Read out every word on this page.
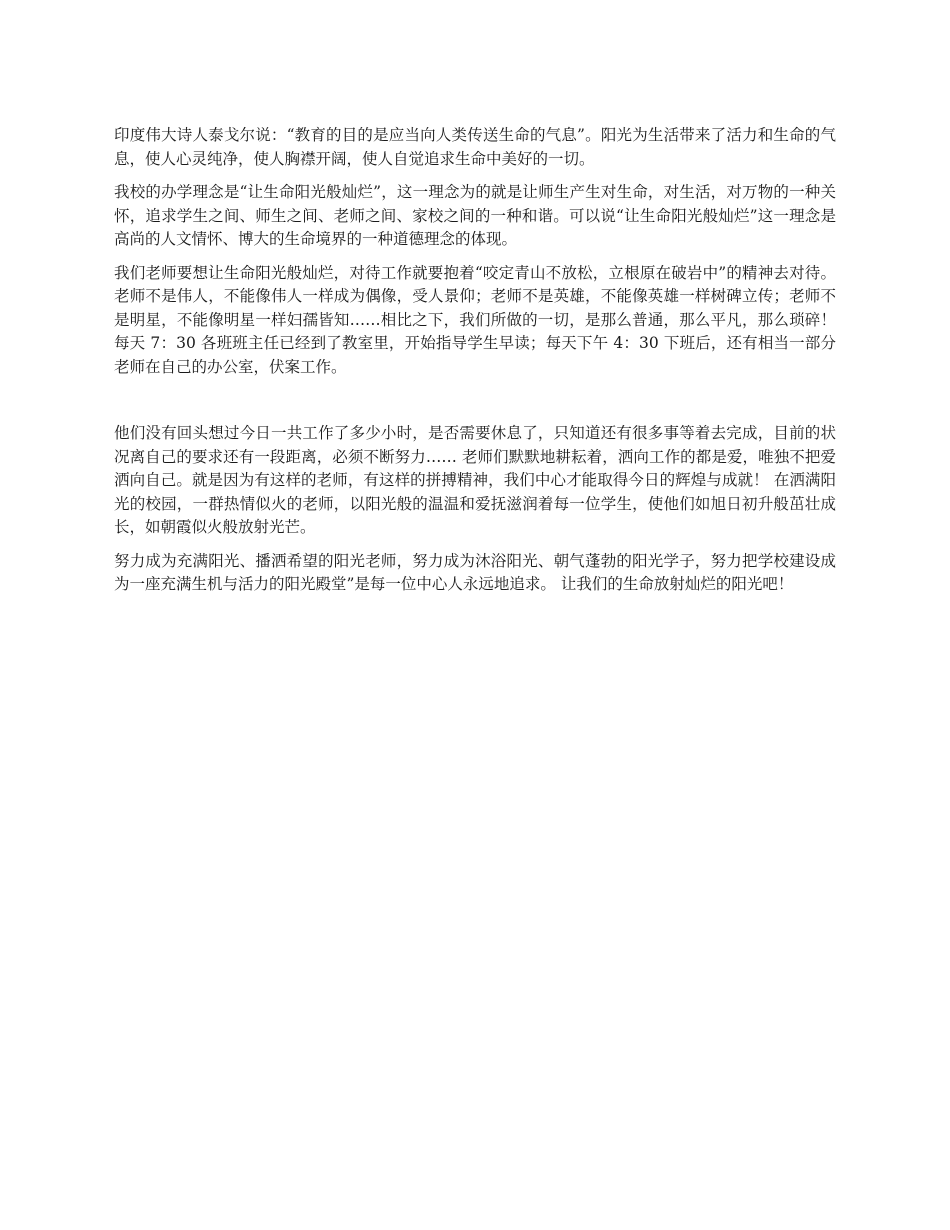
印度伟大诗人泰戈尔说：“教育的目的是应当向人类传送生命的气息”。阳光为生活带来了活力和生命的气息，使人心灵纯净，使人胸襟开阔，使人自觉追求生命中美好的一切。

我校的办学理念是“让生命阳光般灿烂”，这一理念为的就是让师生产生对生命，对生活，对万物的一种关怀，追求学生之间、师生之间、老师之间、家校之间的一种和谐。可以说“让生命阳光般灿烂”这一理念是高尚的人文情怀、博大的生命境界的一种道德理念的体现。

我们老师要想让生命阳光般灿烂，对待工作就要抱着“咬定青山不放松，立根原在破岩中”的精神去对待。 老师不是伟人，不能像伟人一样成为偶像，受人景仰；老师不是英雄，不能像英雄一样树碑立传；老师不是明星，不能像明星一样妇孺皆知……相比之下，我们所做的一切，是那么普通，那么平凡，那么琐碎！ 每天 7：30 各班班主任已经到了教室里，开始指导学生早读；每天下午 4：30 下班后，还有相当一部分老师在自己的办公室，伏案工作。

他们没有回头想过今日一共工作了多少小时，是否需要休息了，只知道还有很多事等着去完成，目前的状况离自己的要求还有一段距离，必须不断努力…… 老师们默默地耕耘着，洒向工作的都是爱，唯独不把爱洒向自己。就是因为有这样的老师，有这样的拼搏精神，我们中心才能取得今日的辉煌与成就！ 在洒满阳光的校园，一群热情似火的老师，以阳光般的温温和爱抚滋润着每一位学生，使他们如旭日初升般茁壮成长，如朝霞似火般放射光芒。

努力成为充满阳光、播洒希望的阳光老师，努力成为沐浴阳光、朝气蓬勃的阳光学子，努力把学校建设成为一座充满生机与活力的阳光殿堂”是每一位中心人永远地追求。 让我们的生命放射灿烂的阳光吧！
